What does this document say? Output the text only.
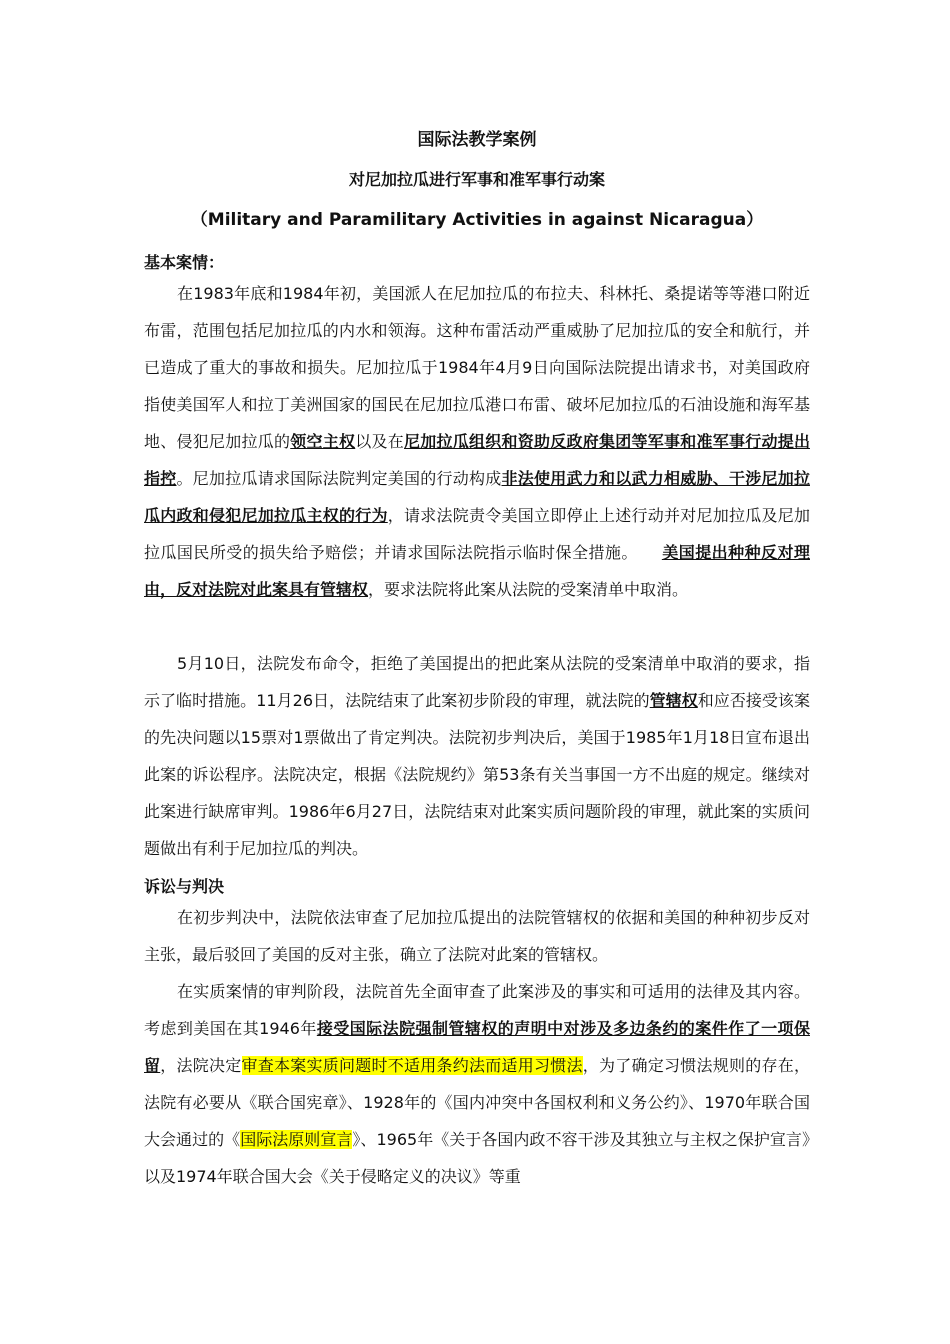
国际法教学案例
对尼加拉瓜进行军事和准军事行动案
（Military and Paramilitary Activities in against Nicaragua）
基本案情：

在1983年底和1984年初，美国派人在尼加拉瓜的布拉夫、科林托、桑提诺等等港口附近布雷，范围包括尼加拉瓜的内水和领海。这种布雷活动严重威胁了尼加拉瓜的安全和航行，并已造成了重大的事故和损失。尼加拉瓜于1984年4月9日向国际法院提出请求书，对美国政府指使美国军人和拉丁美洲国家的国民在尼加拉瓜港口布雷、破坏尼加拉瓜的石油设施和海军基地、侵犯尼加拉瓜的领空主权以及在尼加拉瓜组织和资助反政府集团等军事和准军事行动提出指控。尼加拉瓜请求国际法院判定美国的行动构成非法使用武力和以武力相威胁、干涉尼加拉瓜内政和侵犯尼加拉瓜主权的行为，请求法院责令美国立即停止上述行动并对尼加拉瓜及尼加拉瓜国民所受的损失给予赔偿；并请求国际法院指示临时保全措施。 美国提出种种反对理由，反对法院对此案具有管辖权，要求法院将此案从法院的受案清单中取消。

5月10日，法院发布命令，拒绝了美国提出的把此案从法院的受案清单中取消的要求，指示了临时措施。11月26日，法院结束了此案初步阶段的审理，就法院的管辖权和应否接受该案的先决问题以15票对1票做出了肯定判决。法院初步判决后，美国于1985年1月18日宣布退出此案的诉讼程序。法院决定，根据《法院规约》第53条有关当事国一方不出庭的规定。继续对此案进行缺席审判。1986年6月27日，法院结束对此案实质问题阶段的审理，就此案的实质问题做出有利于尼加拉瓜的判决。

诉讼与判决

在初步判决中，法院依法审查了尼加拉瓜提出的法院管辖权的依据和美国的种种初步反对主张，最后驳回了美国的反对主张，确立了法院对此案的管辖权。

在实质案情的审判阶段，法院首先全面审查了此案涉及的事实和可适用的法律及其内容。考虑到美国在其1946年接受国际法院强制管辖权的声明中对涉及多边条约的案件作了一项保留，法院决定审查本案实质问题时不适用条约法而适用习惯法，为了确定习惯法规则的存在，法院有必要从《联合国宪章》、1928年的《国内冲突中各国权利和义务公约》、1970年联合国大会通过的《国际法原则宣言》、1965年《关于各国内政不容干涉及其独立与主权之保护宣言》以及1974年联合国大会《关于侵略定义的决议》等重
